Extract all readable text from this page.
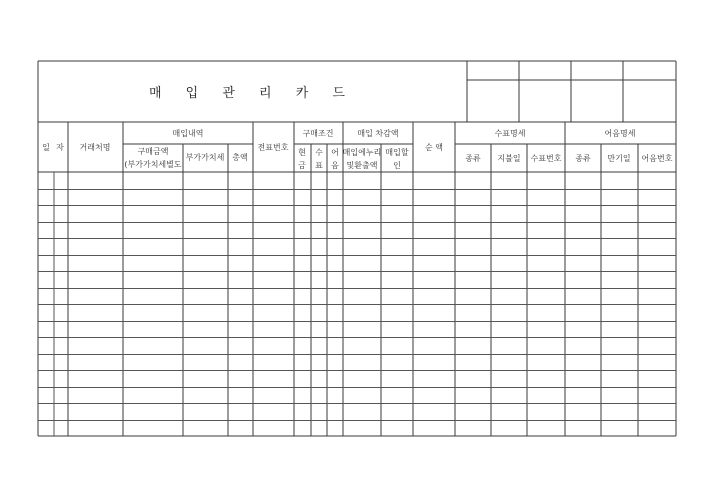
매 입 관 리 카 드
일 자 거래처명
매입내역
구매금액
(부가가치세별도
부가가치세 총액
전표번호
구매조건
현
금
수
표
어
음
매입 차감액
매입에누리
및환출액
매입할
인
순 액
수표명세
종류 지불일 수표번호
어음명세
종류 만기일 어음번호
